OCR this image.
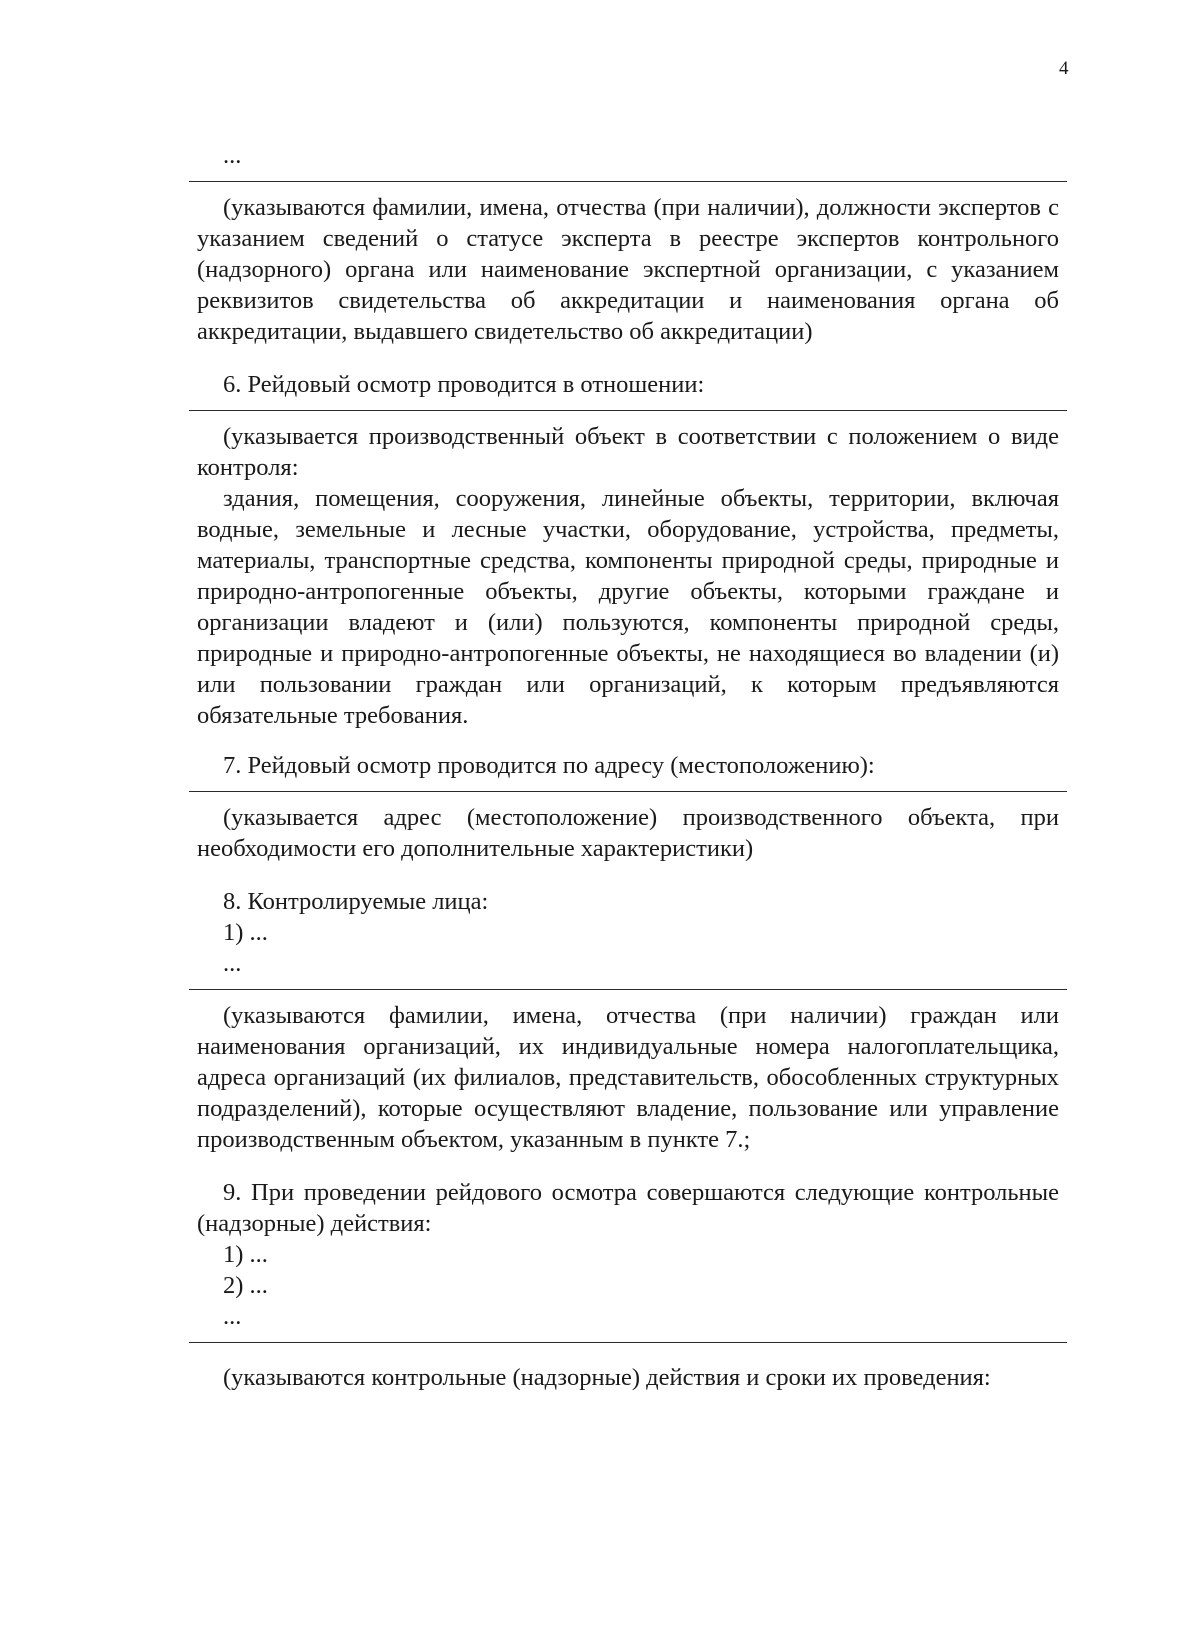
4

...

(указываются фамилии, имена, отчества (при наличии), должности экспертов с указанием сведений о статусе эксперта в реестре экспертов контрольного (надзорного) органа или наименование экспертной организации, с указанием реквизитов свидетельства об аккредитации и наименования органа об аккредитации, выдавшего свидетельство об аккредитации)

6. Рейдовый осмотр проводится в отношении:

(указывается производственный объект в соответствии с положением о виде контроля:

здания, помещения, сооружения, линейные объекты, территории, включая водные, земельные и лесные участки, оборудование, устройства, предметы, материалы, транспортные средства, компоненты природной среды, природные и природно-антропогенные объекты, другие объекты, которыми граждане и организации владеют и (или) пользуются, компоненты природной среды, природные и природно-антропогенные объекты, не находящиеся во владении (и) или пользовании граждан или организаций, к которым предъявляются обязательные требования.

7. Рейдовый осмотр проводится по адресу (местоположению):

(указывается адрес (местоположение) производственного объекта, при необходимости его дополнительные характеристики)

8. Контролируемые лица:

1) ...

...

(указываются фамилии, имена, отчества (при наличии) граждан или наименования организаций, их индивидуальные номера налогоплательщика, адреса организаций (их филиалов, представительств, обособленных структурных подразделений), которые осуществляют владение, пользование или управление производственным объектом, указанным в пункте 7.;

9. При проведении рейдового осмотра совершаются следующие контрольные (надзорные) действия:

1) ...

2) ...

...

(указываются контрольные (надзорные) действия и сроки их проведения:
